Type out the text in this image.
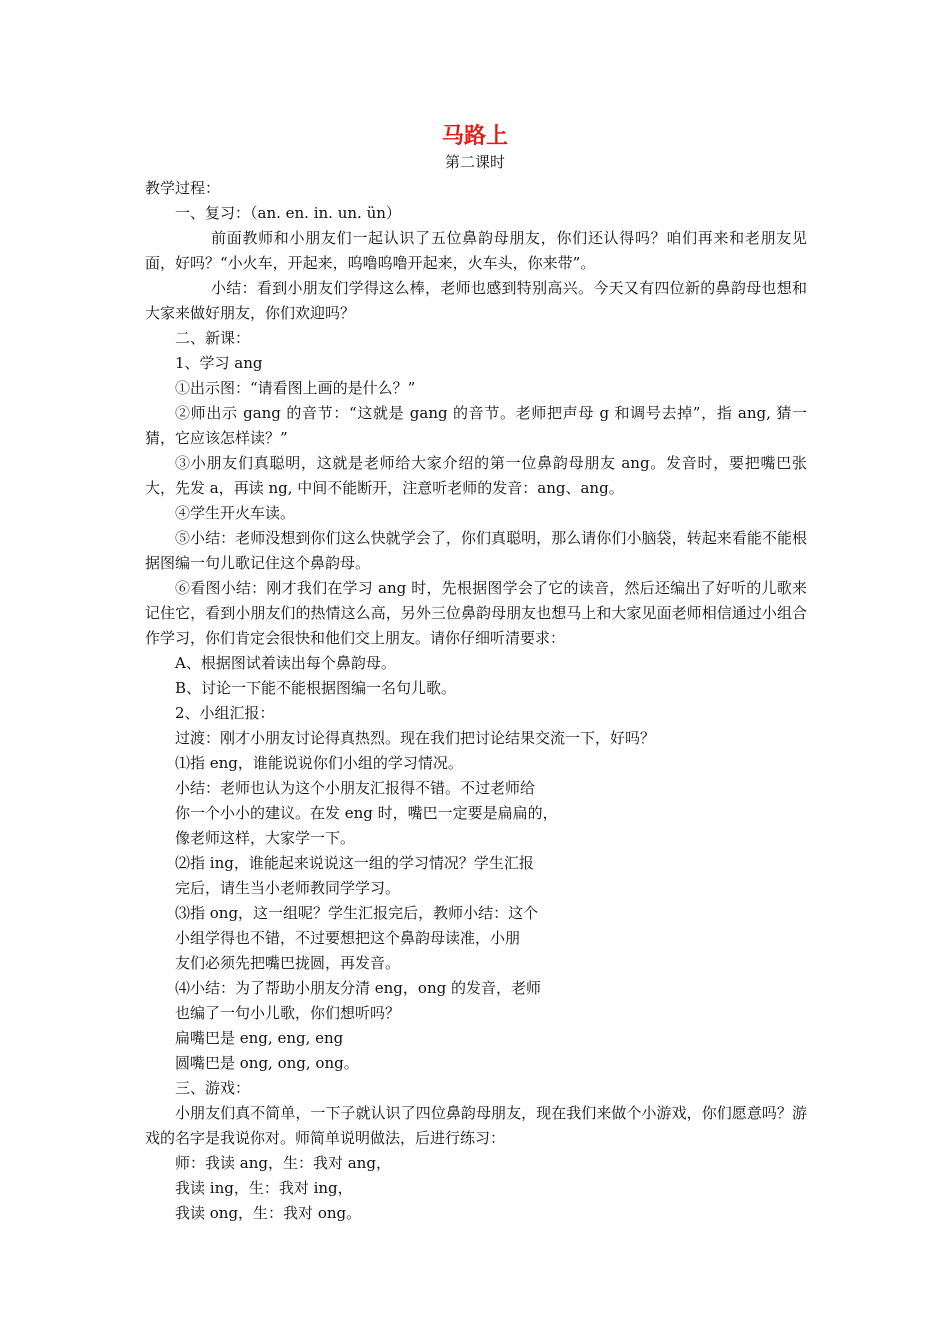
马路上
第二课时

教学过程：

一、复习：（an. en. in. un. ün）

前面教师和小朋友们一起认识了五位鼻韵母朋友，你们还认得吗？咱们再来和老朋友见面，好吗？“小火车，开起来，呜噜呜噜开起来，火车头，你来带”。

小结：看到小朋友们学得这么棒，老师也感到特别高兴。今天又有四位新的鼻韵母也想和大家来做好朋友，你们欢迎吗？

二、新课：

1、学习 ang

①出示图：“请看图上画的是什么？”

②师出示 gang 的音节：“这就是 gang 的音节。老师把声母 g 和调号去掉”，指 ang, 猜一猜，它应该怎样读？”

③小朋友们真聪明，这就是老师给大家介绍的第一位鼻韵母朋友 ang。发音时，要把嘴巴张大，先发 a，再读 ng, 中间不能断开，注意听老师的发音：ang、ang。

④学生开火车读。

⑤小结：老师没想到你们这么快就学会了，你们真聪明，那么请你们小脑袋，转起来看能不能根据图编一句儿歌记住这个鼻韵母。

⑥看图小结：刚才我们在学习 ang 时，先根据图学会了它的读音，然后还编出了好听的儿歌来记住它，看到小朋友们的热情这么高，另外三位鼻韵母朋友也想马上和大家见面老师相信通过小组合作学习，你们肯定会很快和他们交上朋友。请你仔细听清要求：

A、根据图试着读出每个鼻韵母。

B、讨论一下能不能根据图编一名句儿歌。

2、小组汇报：

过渡：刚才小朋友讨论得真热烈。现在我们把讨论结果交流一下，好吗？

⑴指 eng，谁能说说你们小组的学习情况。

小结：老师也认为这个小朋友汇报得不错。不过老师给

你一个小小的建议。在发 eng 时，嘴巴一定要是扁扁的，

像老师这样，大家学一下。

⑵指 ing，谁能起来说说这一组的学习情况？学生汇报

完后，请生当小老师教同学学习。

⑶指 ong，这一组呢？学生汇报完后，教师小结：这个

小组学得也不错，不过要想把这个鼻韵母读准，小朋

友们必须先把嘴巴拢圆，再发音。

⑷小结：为了帮助小朋友分清 eng，ong 的发音，老师

也编了一句小儿歌，你们想听吗？

扁嘴巴是 eng, eng, eng

圆嘴巴是 ong, ong, ong。

三、游戏：

小朋友们真不简单，一下子就认识了四位鼻韵母朋友，现在我们来做个小游戏，你们愿意吗？游戏的名字是我说你对。师简单说明做法，后进行练习：

师：我读 ang，生：我对 ang，

我读 ing，生：我对 ing，

我读 ong，生：我对 ong。
